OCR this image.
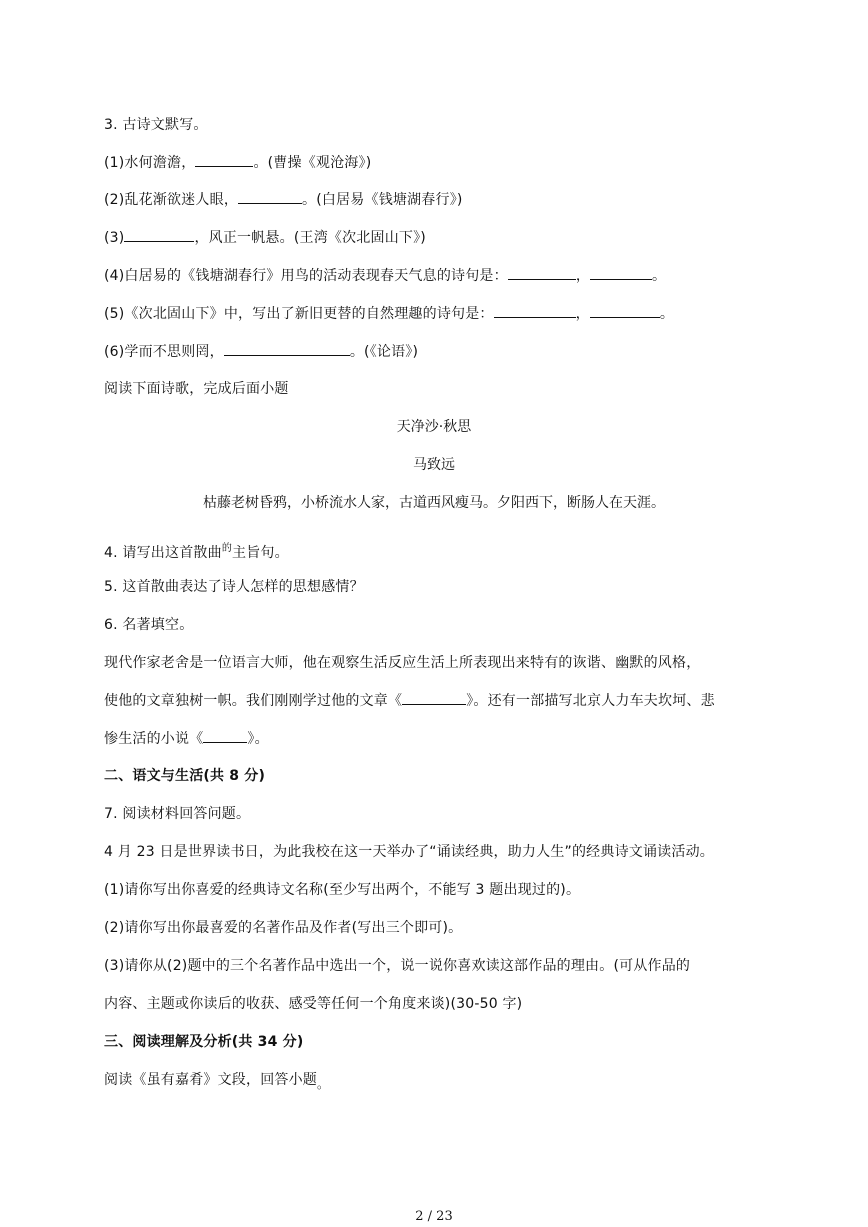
3. 古诗文默写。
(1)水何澹澹，	。(曹操《观沧海》)
(2)乱花渐欲迷人眼，	。(白居易《钱塘湖春行》)
(3)	，风正一帆悬。(王湾《次北固山下》)
(4)白居易的《钱塘湖春行》用鸟的活动表现春天气息的诗句是：	，	。
(5)《次北固山下》中，写出了新旧更替的自然理趣的诗句是：	，	。
(6)学而不思则罔，	。(《论语》)
阅读下面诗歌，完成后面小题
天净沙·秋思
马致远
枯藤老树昏鸦，小桥流水人家，古道西风瘦马。夕阳西下，断肠人在天涯。
4. 请写出这首散曲$^的$主旨句。
5. 这首散曲表达了诗人怎样的思想感情？
6. 名著填空。
现代作家老舍是一位语言大师，他在观察生活反应生活上所表现出来特有的诙谐、幽默的风格，
使他的文章独树一帜。我们刚刚学过他的文章《	》。还有一部描写北京人力车夫坎坷、悲
惨生活的小说《	》。
二、语文与生活(共 8 分)
7. 阅读材料回答问题。
4 月 23 日是世界读书日，为此我校在这一天举办了“诵读经典，助力人生”的经典诗文诵读活动。
(1)请你写出你喜爱的经典诗文名称(至少写出两个，不能写 3 题出现过的)。
(2)请你写出你最喜爱的名著作品及作者(写出三个即可)。
(3)请你从(2)题中的三个名著作品中选出一个，说一说你喜欢读这部作品的理由。(可从作品的
内容、主题或你读后的收获、感受等任何一个角度来谈)(30-50 字)
三、阅读理解及分析(共 34 分)
阅读《虽有嘉肴》文段，回答小题。
2 / 23
